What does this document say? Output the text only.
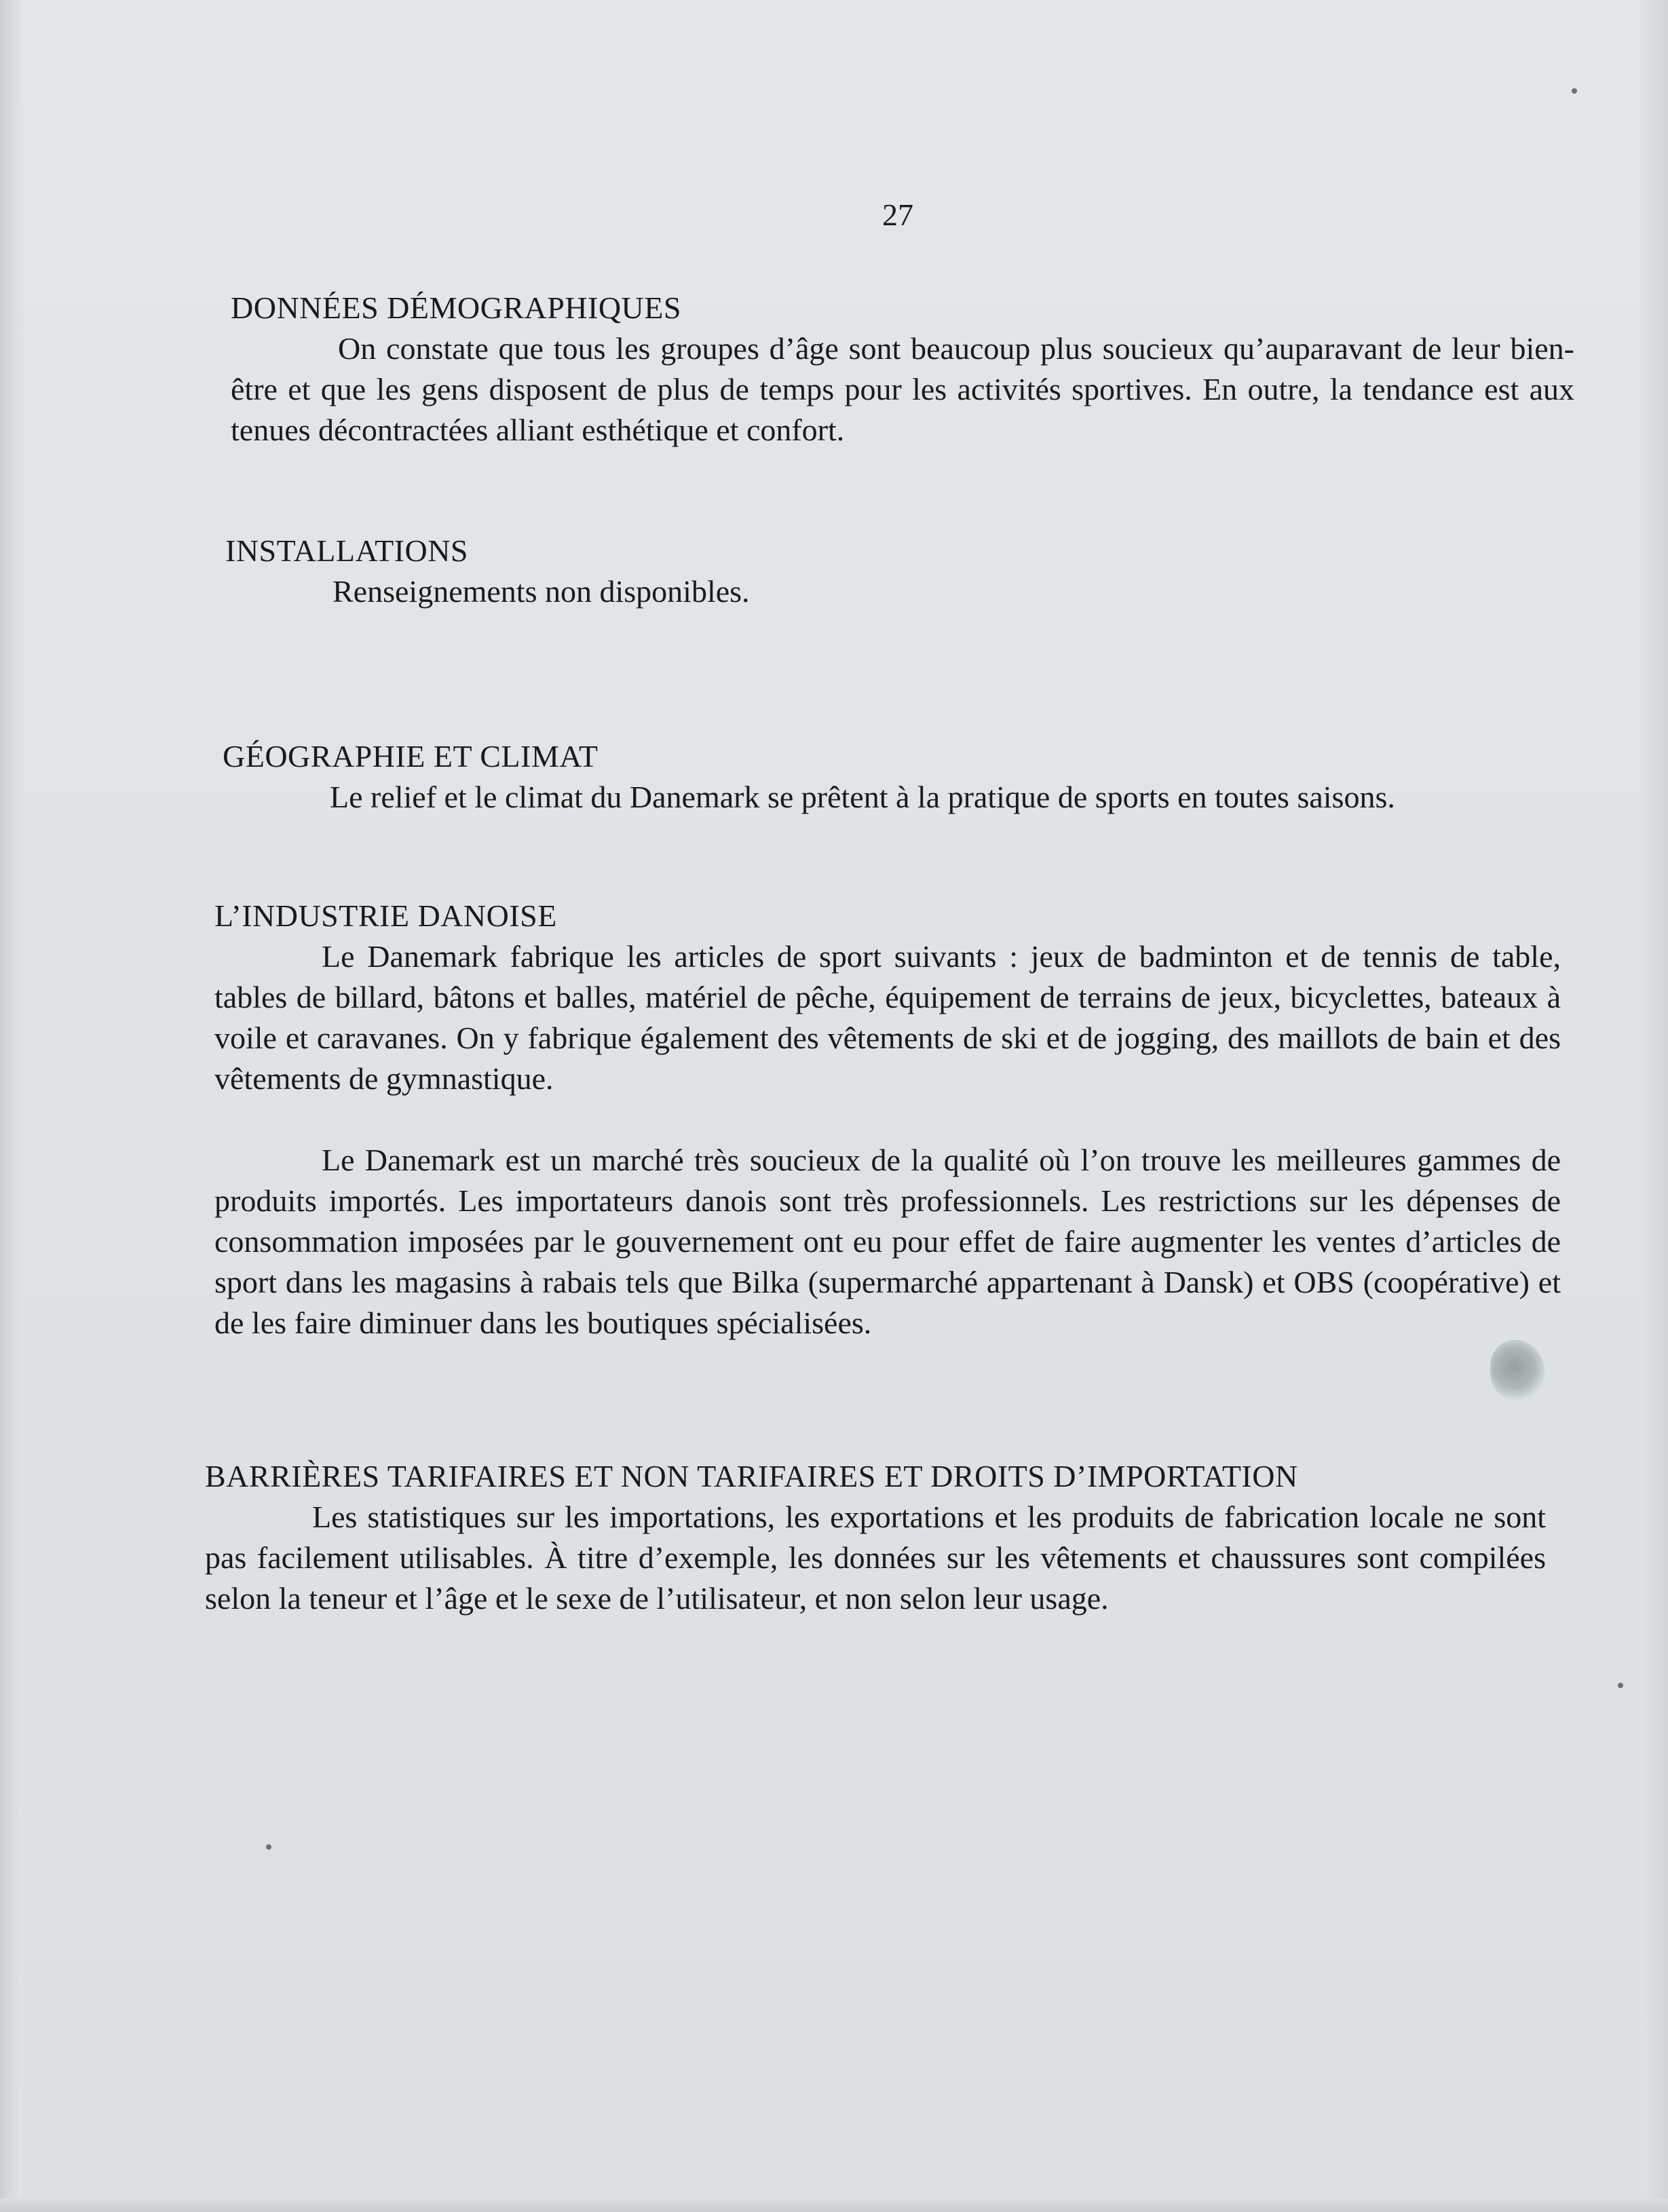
27
DONNÉES DÉMOGRAPHIQUES

On constate que tous les groupes d’âge sont beaucoup plus soucieux qu’auparavant de leur bien-être et que les gens disposent de plus de temps pour les activités sportives. En outre, la tendance est aux tenues décontractées alliant esthétique et confort.

INSTALLATIONS

Renseignements non disponibles.

GÉOGRAPHIE ET CLIMAT

Le relief et le climat du Danemark se prêtent à la pratique de sports en toutes saisons.

L’INDUSTRIE DANOISE

Le Danemark fabrique les articles de sport suivants : jeux de badminton et de tennis de table, tables de billard, bâtons et balles, matériel de pêche, équipement de terrains de jeux, bicyclettes, bateaux à voile et caravanes. On y fabrique également des vêtements de ski et de jogging, des maillots de bain et des vêtements de gymnastique.

Le Danemark est un marché très soucieux de la qualité où l’on trouve les meilleures gammes de produits importés. Les importateurs danois sont très professionnels. Les restrictions sur les dépenses de consommation imposées par le gouvernement ont eu pour effet de faire augmenter les ventes d’articles de sport dans les magasins à rabais tels que Bilka (supermarché appartenant à Dansk) et OBS (coopérative) et de les faire diminuer dans les boutiques spécialisées.

BARRIÈRES TARIFAIRES ET NON TARIFAIRES ET DROITS D’IMPORTATION

Les statistiques sur les importations, les exportations et les produits de fabrication locale ne sont pas facilement utilisables. À titre d’exemple, les données sur les vêtements et chaussures sont compilées selon la teneur et l’âge et le sexe de l’utilisateur, et non selon leur usage.
